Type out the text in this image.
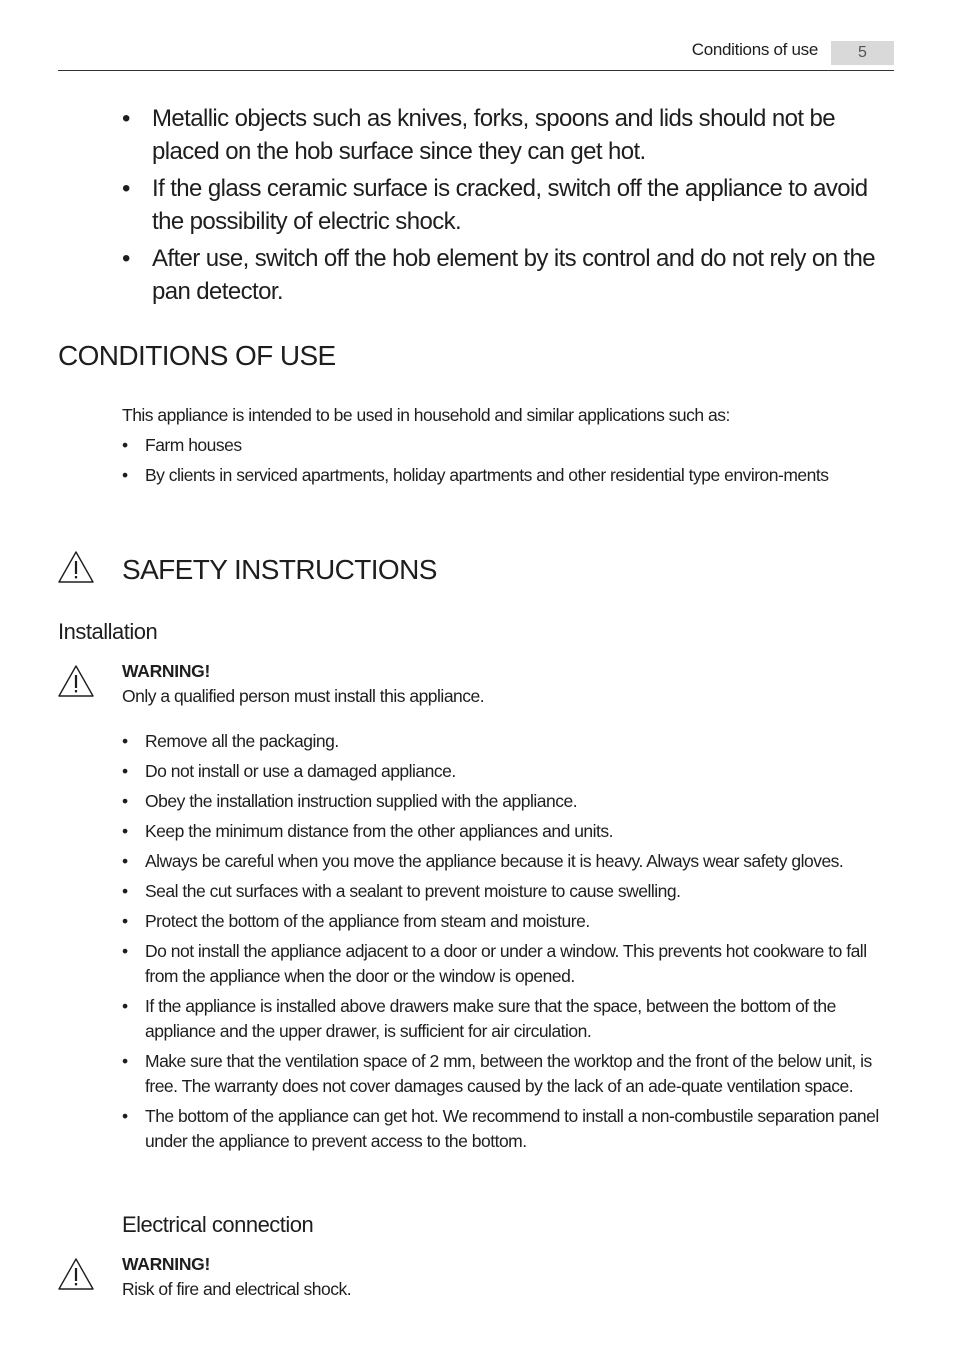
Conditions of use	5
• Metallic objects such as knives, forks, spoons and lids should not be placed on the hob surface since they can get hot.
• If the glass ceramic surface is cracked, switch off the appliance to avoid the possibility of electric shock.
• After use, switch off the hob element by its control and do not rely on the pan detector.
CONDITIONS OF USE
This appliance is intended to be used in household and similar applications such as:
• Farm houses
• By clients in serviced apartments, holiday apartments and other residential type environ-ments
SAFETY INSTRUCTIONS
Installation
WARNING!
Only a qualified person must install this appliance.
• Remove all the packaging.
• Do not install or use a damaged appliance.
• Obey the installation instruction supplied with the appliance.
• Keep the minimum distance from the other appliances and units.
• Always be careful when you move the appliance because it is heavy. Always wear safety gloves.
• Seal the cut surfaces with a sealant to prevent moisture to cause swelling.
• Protect the bottom of the appliance from steam and moisture.
• Do not install the appliance adjacent to a door or under a window. This prevents hot cookware to fall from the appliance when the door or the window is opened.
• If the appliance is installed above drawers make sure that the space, between the bottom of the appliance and the upper drawer, is sufficient for air circulation.
• Make sure that the ventilation space of 2 mm, between the worktop and the front of the below unit, is free. The warranty does not cover damages caused by the lack of an ade-quate ventilation space.
• The bottom of the appliance can get hot. We recommend to install a non-combustile separation panel under the appliance to prevent access to the bottom.
Electrical connection
WARNING!
Risk of fire and electrical shock.
